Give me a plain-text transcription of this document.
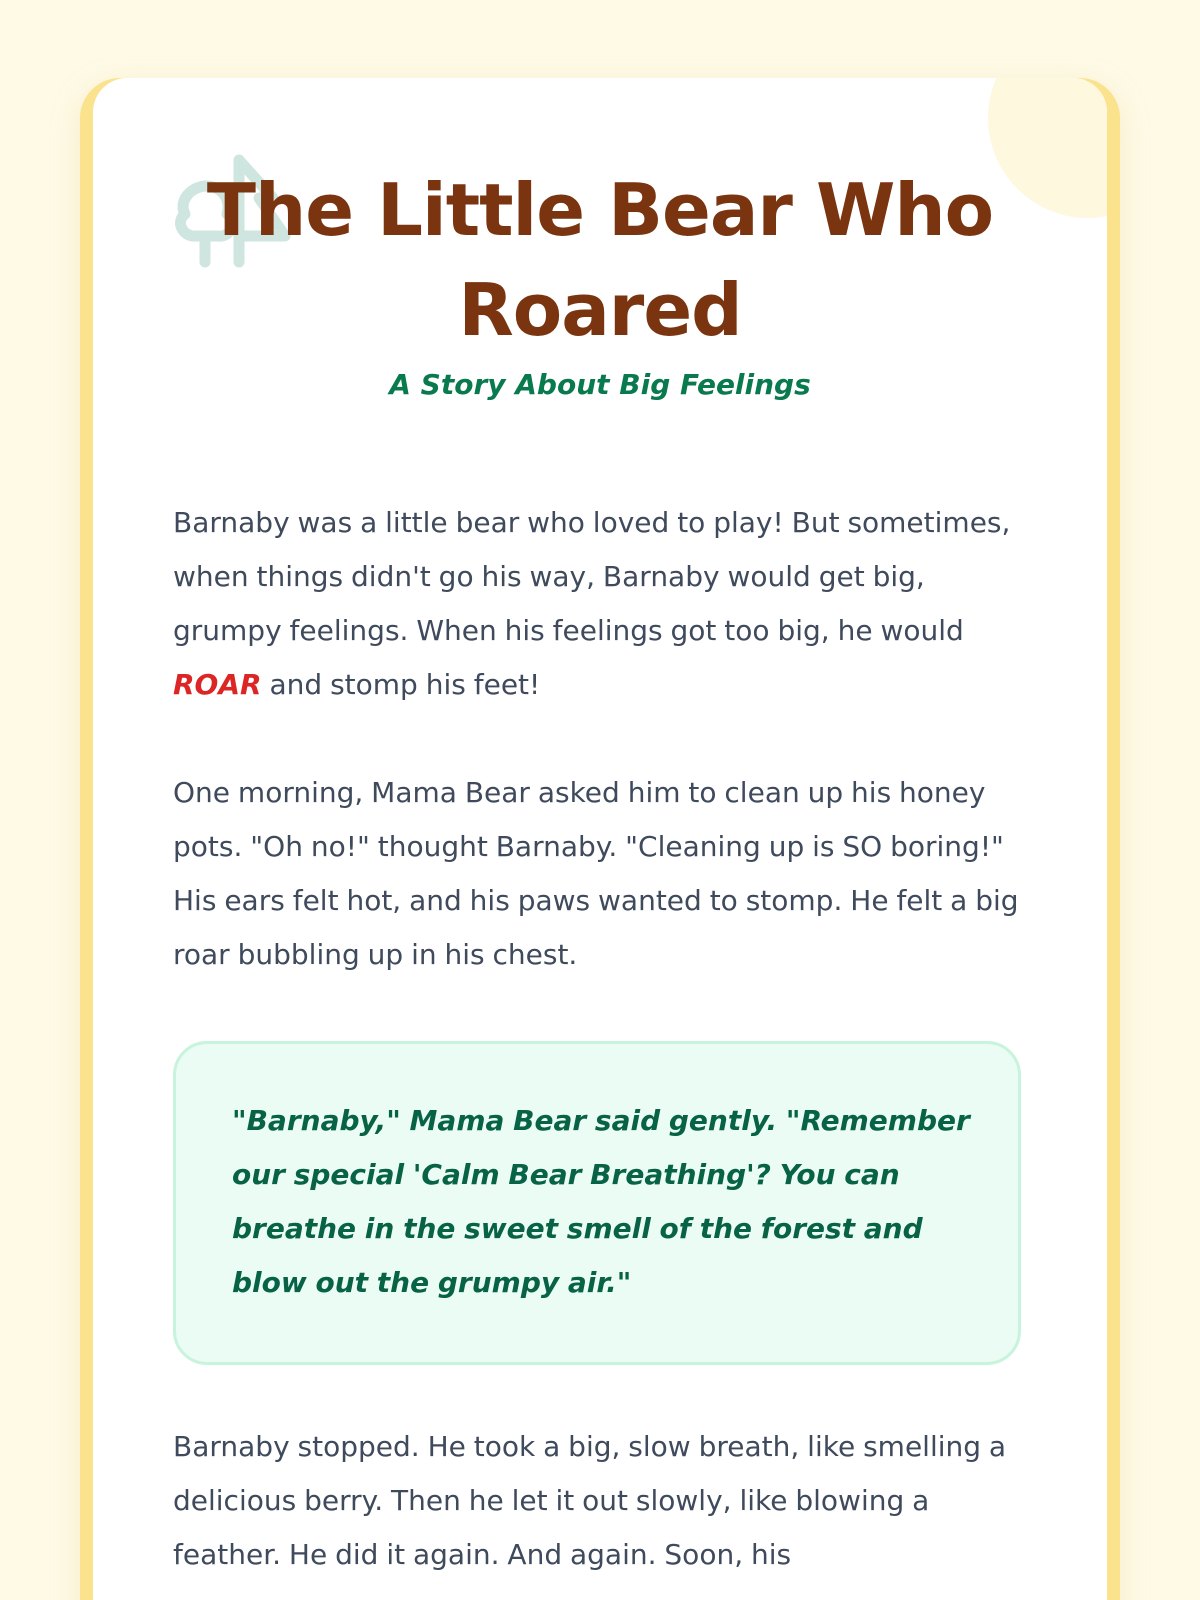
The Little Bear Who Roared
A Story About Big Feelings

Barnaby was a little bear who loved to play! But sometimes, when things didn't go his way, Barnaby would get big, grumpy feelings. When his feelings got too big, he would ROAR and stomp his feet!

One morning, Mama Bear asked him to clean up his honey pots. "Oh no!" thought Barnaby. "Cleaning up is SO boring!" His ears felt hot, and his paws wanted to stomp. He felt a big roar bubbling up in his chest.

"Barnaby," Mama Bear said gently. "Remember our special 'Calm Bear Breathing'? You can breathe in the sweet smell of the forest and blow out the grumpy air."

Barnaby stopped. He took a big, slow breath, like smelling a delicious berry. Then he let it out slowly, like blowing a feather. He did it again. And again. Soon, his
